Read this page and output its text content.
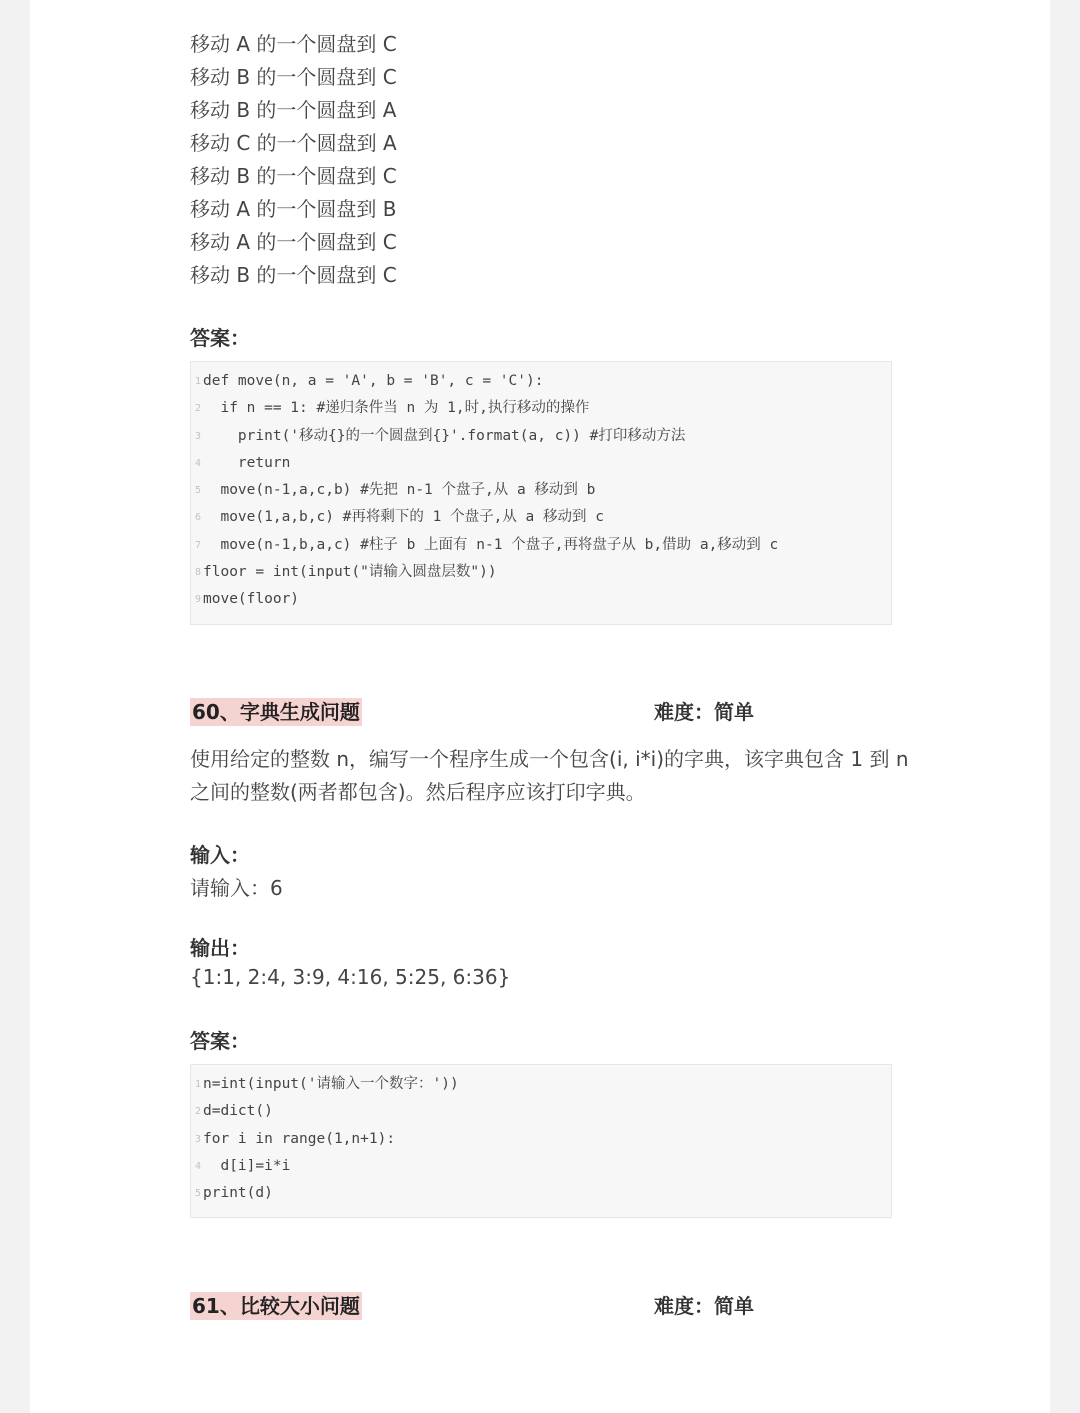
移动 A 的一个圆盘到 C
移动 B 的一个圆盘到 C
移动 B 的一个圆盘到 A
移动 C 的一个圆盘到 A
移动 B 的一个圆盘到 C
移动 A 的一个圆盘到 B
移动 A 的一个圆盘到 C
移动 B 的一个圆盘到 C
答案：
1 def move(n, a = 'A', b = 'B', c = 'C'):
2 if n == 1: #递归条件当 n 为 1,时,执行移动的操作
3 print('移动{}的一个圆盘到{}'.format(a, c)) #打印移动方法
4 return
5 move(n-1,a,c,b) #先把 n-1 个盘子,从 a 移动到 b
6 move(1,a,b,c) #再将剩下的 1 个盘子,从 a 移动到 c
7 move(n-1,b,a,c) #柱子 b 上面有 n-1 个盘子,再将盘子从 b,借助 a,移动到 c
8 floor = int(input("请输入圆盘层数"))
9 move(floor)
60、字典生成问题	难度：简单
使用给定的整数 n，编写一个程序生成一个包含(i, i*i)的字典，该字典包含 1 到 n
之间的整数(两者都包含)。然后程序应该打印字典。
输入：
请输入：6
输出：
{1:1, 2:4, 3:9, 4:16, 5:25, 6:36}
答案：
1 n=int(input('请输入一个数字：'))
2 d=dict()
3 for i in range(1,n+1):
4 d[i]=i*i
5 print(d)
61、比较大小问题	难度：简单
